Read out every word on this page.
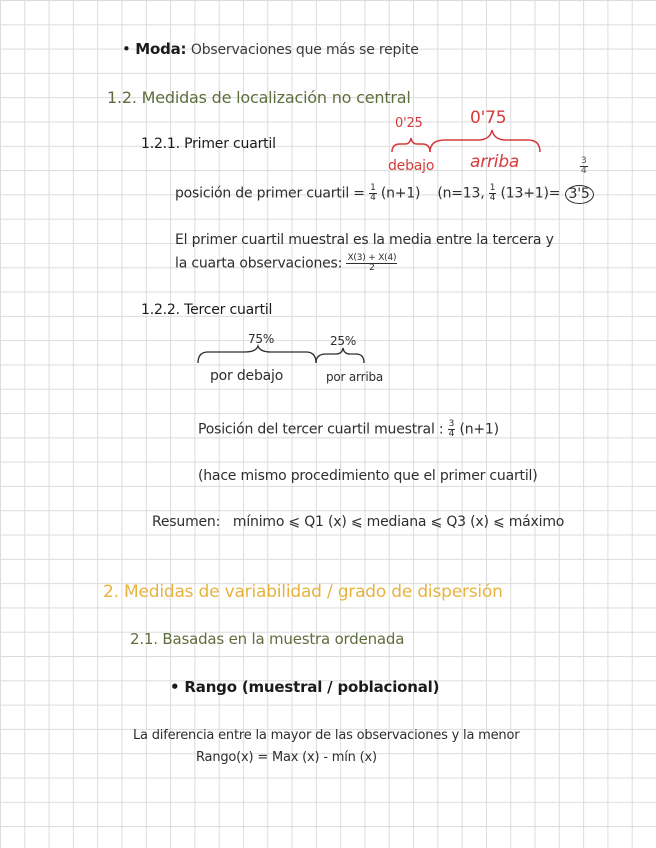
• Moda: Observaciones que más se repite
1.2. Medidas de localización no central
1.2.1. Primer cuartil
0'25	0'75
debajo arriba	$\frac{3}{4}$
posición de primer cuartil = $\frac{1}{4} (n+1)$ (n=13, $\frac{1}{4} (13+1)= 3'5$
El primer cuartil muestral es la media entre la tercera y
la cuarta observaciones: $\frac{X(3) + X(4)}{2}$
1.2.2. Tercer cuartil
75%	25%
por debajo	por arriba
Posición del tercer cuartil muestral : $\frac{3}{4} (n+1)$
(hace mismo procedimiento que el primer cuartil)
Resumen: mínimo ⩽ Q1 (x) ⩽ mediana ⩽ Q3 (x) ⩽ máximo
2. Medidas de variabilidad / grado de dispersión
2.1. Basadas en la muestra ordenada
• Rango (muestral / poblacional)
La diferencia entre la mayor de las observaciones y la menor
Rango(x) = Max (x) - mín (x)
